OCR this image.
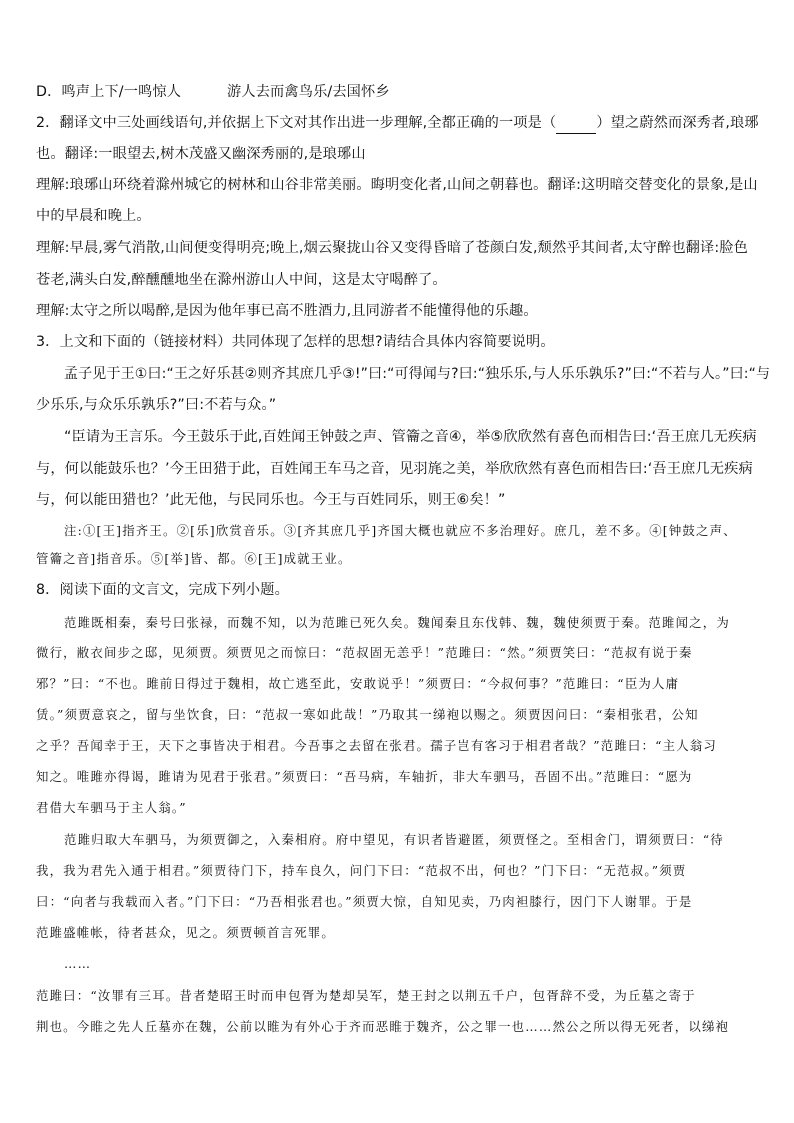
D．鸣声上下/一鸣惊人	游人去而禽鸟乐/去国怀乡
2．翻译文中三处画线语句,并依据上下文对其作出进一步理解,全都正确的一项是（	）望之蔚然而深秀者,琅琊
也。翻译:一眼望去,树木茂盛又幽深秀丽的,是琅琊山
理解:琅琊山环绕着滁州城它的树林和山谷非常美丽。晦明变化者,山间之朝暮也。翻译:这明暗交替变化的景象,是山
中的早晨和晚上。
理解:早晨,雾气消散,山间便变得明亮;晚上,烟云聚拢山谷又变得昏暗了苍颜白发,颓然乎其间者,太守醉也翻译:脸色
苍老,满头白发,醉醺醺地坐在滁州游山人中间，这是太守喝醉了。
理解:太守之所以喝醉,是因为他年事已高不胜酒力,且同游者不能懂得他的乐趣。
3．上文和下面的（链接材料）共同体现了怎样的思想?请结合具体内容简要说明。
孟子见于王①曰:“王之好乐甚②则齐其庶几乎③!”曰:“可得闻与?曰:“独乐乐,与人乐乐孰乐?”曰:“不若与人。”曰:“与
少乐乐,与众乐乐孰乐?”曰:不若与众。”
“臣请为王言乐。今王鼓乐于此,百姓闻王钟鼓之声、管籥之音④，举⑤欣欣然有喜色而相告曰:‘吾王庶几无疾病
与，何以能鼓乐也？’今王田猎于此，百姓闻王车马之音，见羽旄之美，举欣欣然有喜色而相告曰:‘吾王庶几无疾病
与，何以能田猎也？’此无他，与民同乐也。今王与百姓同乐，则王⑥矣！”
注:①[王]指齐王。②[乐]欣赏音乐。③[齐其庶几乎]齐国大概也就应不多治理好。庶几，差不多。④[钟鼓之声、
管籥之音]指音乐。⑤[举]皆、都。⑥[王]成就王业。
8．阅读下面的文言文，完成下列小题。
范雎既相秦，秦号曰张禄，而魏不知，以为范雎已死久矣。魏闻秦且东伐韩、魏，魏使须贾于秦。范雎闻之，为
微行，敝衣间步之邸，见须贾。须贾见之而惊曰：“范叔固无恙乎！”范雎曰：“然。”须贾笑曰：“范叔有说于秦
邪？”曰：“不也。雎前日得过于魏相，故亡逃至此，安敢说乎！”须贾曰：“今叔何事？”范雎曰：“臣为人庸
赁。”须贾意哀之，留与坐饮食，曰：“范叔一寒如此哉！”乃取其一绨袍以赐之。须贾因问曰：“秦相张君，公知
之乎？吾闻幸于王，天下之事皆决于相君。今吾事之去留在张君。孺子岂有客习于相君者哉？”范雎曰：“主人翁习
知之。唯雎亦得谒，雎请为见君于张君。”须贾曰：“吾马病，车轴折，非大车驷马，吾固不出。”范雎曰：“愿为
君借大车驷马于主人翁。”
范雎归取大车驷马，为须贾御之，入秦相府。府中望见，有识者皆避匿，须贾怪之。至相舍门，谓须贾曰：“待
我，我为君先入通于相君。”须贾待门下，持车良久，问门下曰：“范叔不出，何也？”门下曰：“无范叔。”须贾
曰：“向者与我载而入者。”门下曰：“乃吾相张君也。”须贾大惊，自知见卖，乃肉袒膝行，因门下人谢罪。于是
范雎盛帷帐，待者甚众，见之。须贾顿首言死罪。
……
范雎曰：“汝罪有三耳。昔者楚昭王时而申包胥为楚却吴军，楚王封之以荆五千户，包胥辞不受，为丘墓之寄于
荆也。今睢之先人丘墓亦在魏，公前以睢为有外心于齐而恶睢于魏齐，公之罪一也……然公之所以得无死者，以绨袍
